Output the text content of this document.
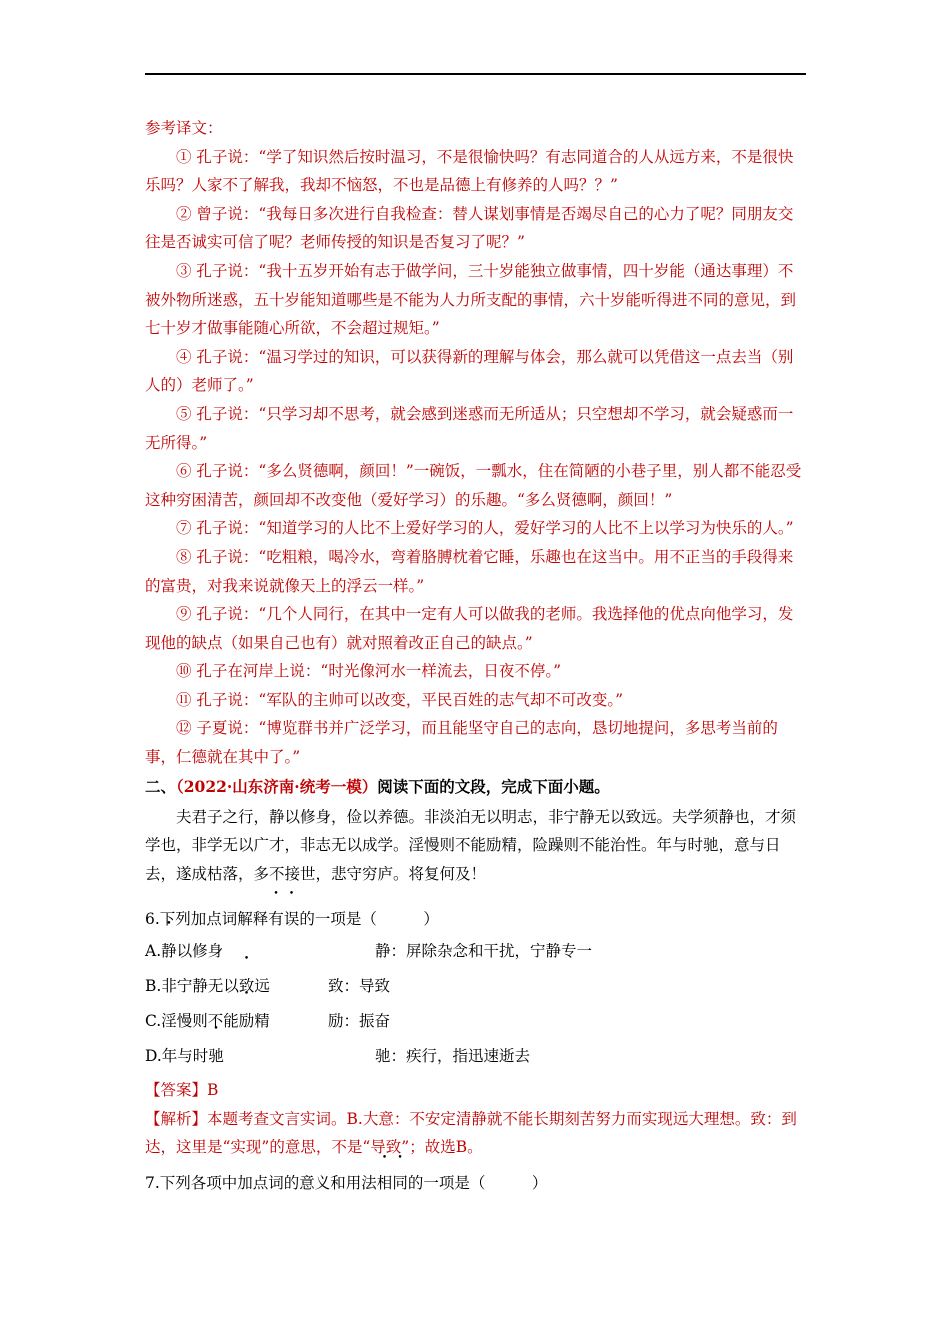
参考译文：

① 孔子说：“学了知识然后按时温习，不是很愉快吗？有志同道合的人从远方来，不是很快乐吗？人家不了解我，我却不恼怒，不也是品德上有修养的人吗？？”

② 曾子说：“我每日多次进行自我检查：替人谋划事情是否竭尽自己的心力了呢？同朋友交往是否诚实可信了呢？老师传授的知识是否复习了呢？”

③ 孔子说：“我十五岁开始有志于做学问，三十岁能独立做事情，四十岁能（通达事理）不被外物所迷惑，五十岁能知道哪些是不能为人力所支配的事情，六十岁能听得进不同的意见，到七十岁才做事能随心所欲，不会超过规矩。”

④ 孔子说：“温习学过的知识，可以获得新的理解与体会，那么就可以凭借这一点去当（别人的）老师了。”

⑤ 孔子说：“只学习却不思考，就会感到迷惑而无所适从；只空想却不学习，就会疑惑而一无所得。”

⑥ 孔子说：“多么贤德啊，颜回！”一碗饭，一瓢水，住在简陋的小巷子里，别人都不能忍受这种穷困清苦，颜回却不改变他（爱好学习）的乐趣。“多么贤德啊，颜回！”

⑦ 孔子说：“知道学习的人比不上爱好学习的人，爱好学习的人比不上以学习为快乐的人。”

⑧ 孔子说：“吃粗粮，喝冷水，弯着胳膊枕着它睡，乐趣也在这当中。用不正当的手段得来的富贵，对我来说就像天上的浮云一样。”

⑨ 孔子说：“几个人同行，在其中一定有人可以做我的老师。我选择他的优点向他学习，发现他的缺点（如果自己也有）就对照着改正自己的缺点。”

⑩ 孔子在河岸上说：“时光像河水一样流去，日夜不停。”

⑪ 孔子说：“军队的主帅可以改变，平民百姓的志气却不可改变。”

⑫ 子夏说：“博览群书并广泛学习，而且能坚守自己的志向，恳切地提问，多思考当前的事，仁德就在其中了。”

二、（2022·山东济南·统考一模）阅读下面的文段，完成下面小题。

夫君子之行，静以修身，俭以养德。非淡泊无以明志，非宁静无以致远。夫学须静也，才须学也，非学无以广才，非志无以成学。淫慢则不能励精，险躁则不能治性。年与时驰，意与日去，遂成枯落，多不接世，悲守穷庐。将复何及！

6.下列加点词解释有误的一项是（　　　）

A.静以修身	静：屏除杂念和干扰，宁静专一
B.非宁静无以致远	致：导致
C.淫慢则不能励精	励：振奋
D.年与时驰	驰：疾行，指迅速逝去

【答案】B

【解析】本题考查文言实词。B.大意：不安定清静就不能长期刻苦努力而实现远大理想。致：到达，这里是“实现”的意思，不是“导致”；故选B。

7.下列各项中加点词的意义和用法相同的一项是（　　　）
